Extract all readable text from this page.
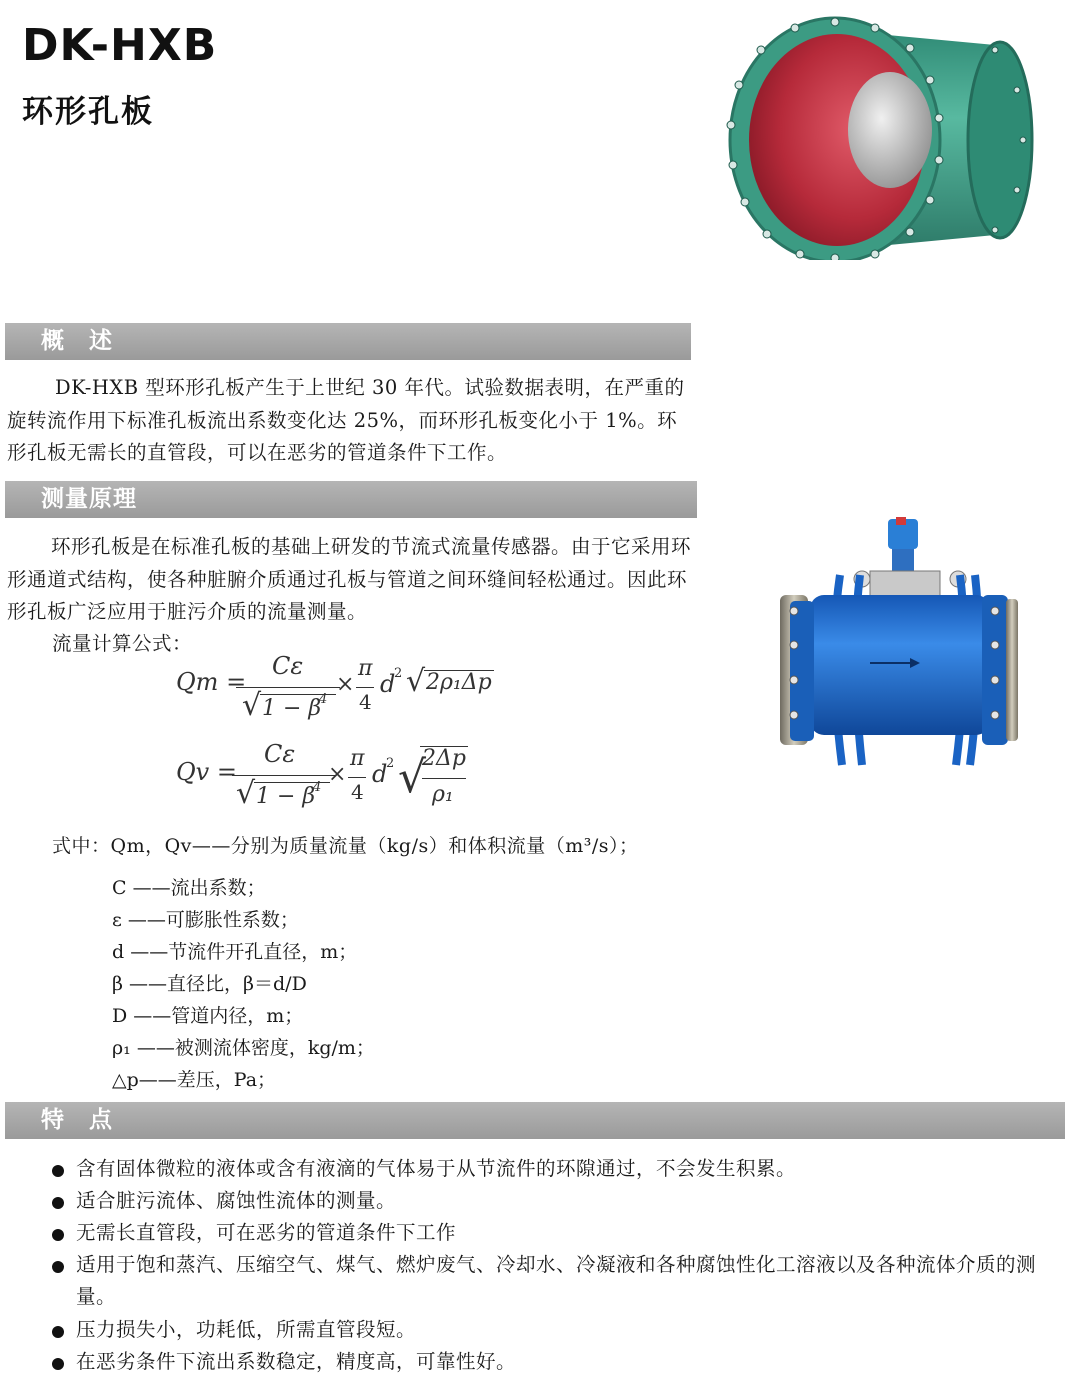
DK-HXB
环形孔板
概　述
DK-HXB 型环形孔板产生于上世纪 30 年代。试验数据表明，在严重的旋转流作用下标准孔板流出系数变化达 25%，而环形孔板变化小于 1%。环形孔板无需长的直管段，可以在恶劣的管道条件下工作。
测量原理
环形孔板是在标准孔板的基础上研发的节流式流量传感器。由于它采用环形通道式结构，使各种脏腑介质通过孔板与管道之间环缝间轻松通过。因此环形孔板广泛应用于脏污介质的流量测量。
流量计算公式：
Qm =
Cε
√ 1 − β
4
×
π
4
d
2 √ 2ρ₁Δp
Qv =
Cε
√ 1 − β
4
×
π
4
d
2 √
2Δp
ρ₁
式中：Qm，Qv——分别为质量流量（kg/s）和体积流量（m³/s）；
C ——流出系数；
ε ——可膨胀性系数；
d ——节流件开孔直径，m；
β ——直径比，β＝d/D
D ——管道内径，m；
ρ₁ ——被测流体密度，kg/m；
△p——差压，Pa；
特　点
含有固体微粒的液体或含有液滴的气体易于从节流件的环隙通过，不会发生积累。
适合脏污流体、腐蚀性流体的测量。
无需长直管段，可在恶劣的管道条件下工作
适用于饱和蒸汽、压缩空气、煤气、燃炉废气、冷却水、冷凝液和各种腐蚀性化工溶液以及各种流体介质的测量。
压力损失小，功耗低，所需直管段短。
在恶劣条件下流出系数稳定，精度高，可靠性好。
